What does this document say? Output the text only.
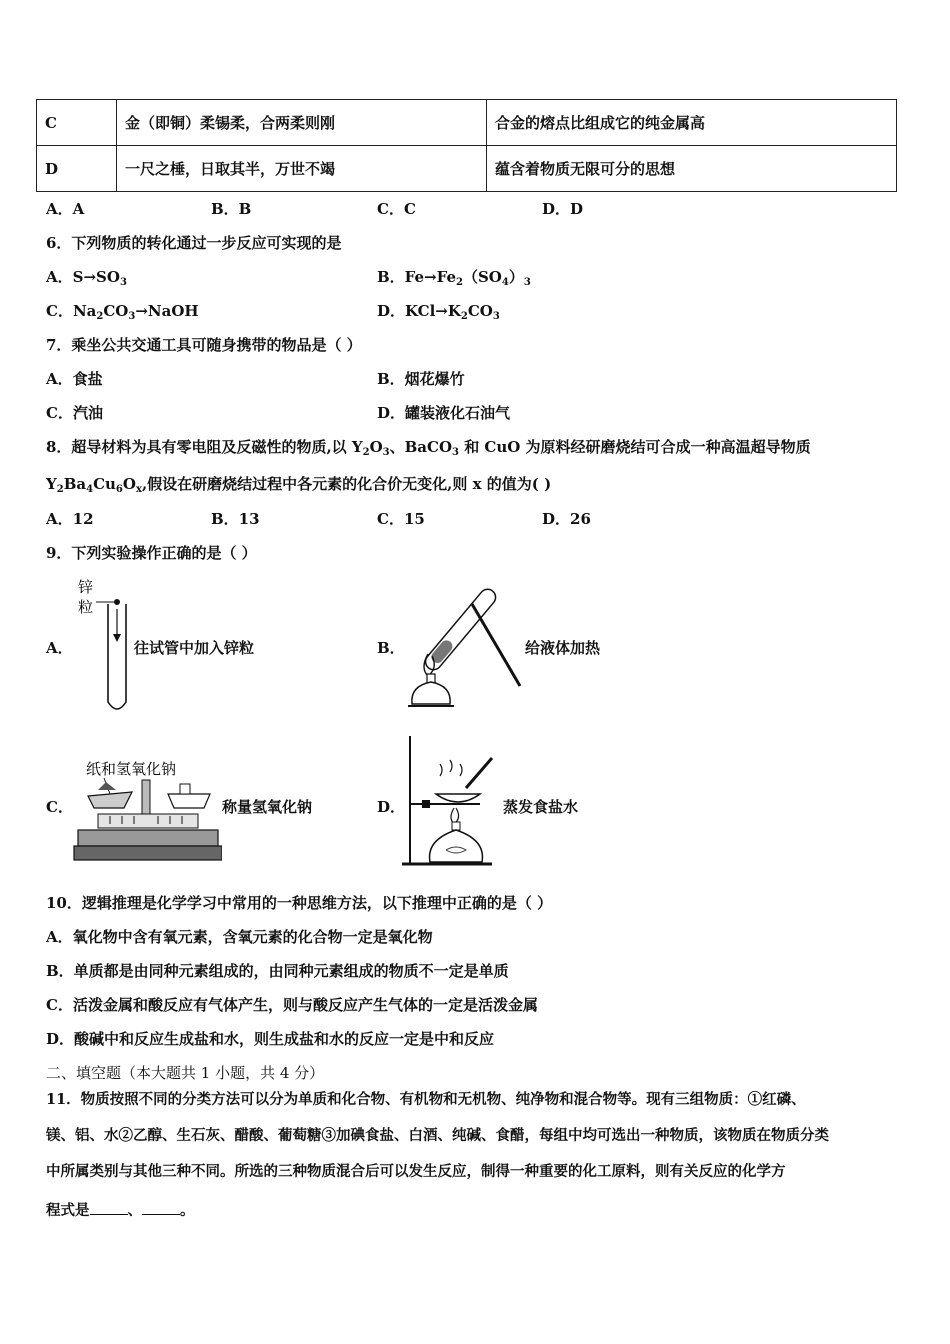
C	金（即铜）柔锡柔，合两柔则刚	合金的熔点比组成它的纯金属高
D	一尺之棰，日取其半，万世不竭	蕴含着物质无限可分的思想
A．A	B．B	C．C	D．D
6．下列物质的转化通过一步反应可实现的是
A．$S\to SO_3$	B．$Fe\to Fe_2(SO_4)_3$
C．$Na_2CO_3\to NaOH$	D．$KCl\to K_2CO_3$
7．乘坐公共交通工具可随身携带的物品是（ ）
A．食盐	B．烟花爆竹
C．汽油	D．罐装液化石油气
8．超导材料为具有零电阻及反磁性的物质,以 $Y_2O_3$、BaCO$_3$ 和 CuO 为原料经研磨烧结可合成一种高温超导物质
$Y_2Ba_4Cu_6O_x$,假设在研磨烧结过程中各元素的化合价无变化,则 x 的值为( )
A．12	B．13	C．15	D．26
9．下列实验操作正确的是（ ）
A．
锌
粒
往试管中加入锌粒	B．	给液体加热
C．
纸和氢氧化钠
称量氢氧化钠	D．	蒸发食盐水
10．逻辑推理是化学学习中常用的一种思维方法，以下推理中正确的是（ ）
A．氧化物中含有氧元素，含氧元素的化合物一定是氧化物
B．单质都是由同种元素组成的，由同种元素组成的物质不一定是单质
C．活泼金属和酸反应有气体产生，则与酸反应产生气体的一定是活泼金属
D．酸碱中和反应生成盐和水，则生成盐和水的反应一定是中和反应
二、填空题（本大题共 1 小题，共 4 分）
11．物质按照不同的分类方法可以分为单质和化合物、有机物和无机物、纯净物和混合物等。现有三组物质：①红磷、
镁、铝、水②乙醇、生石灰、醋酸、葡萄糖③加碘食盐、白酒、纯碱、食醋，每组中均可选出一种物质，该物质在物质分类
中所属类别与其他三种不同。所选的三种物质混合后可以发生反应，制得一种重要的化工原料，则有关反应的化学方
程式是	、	。
